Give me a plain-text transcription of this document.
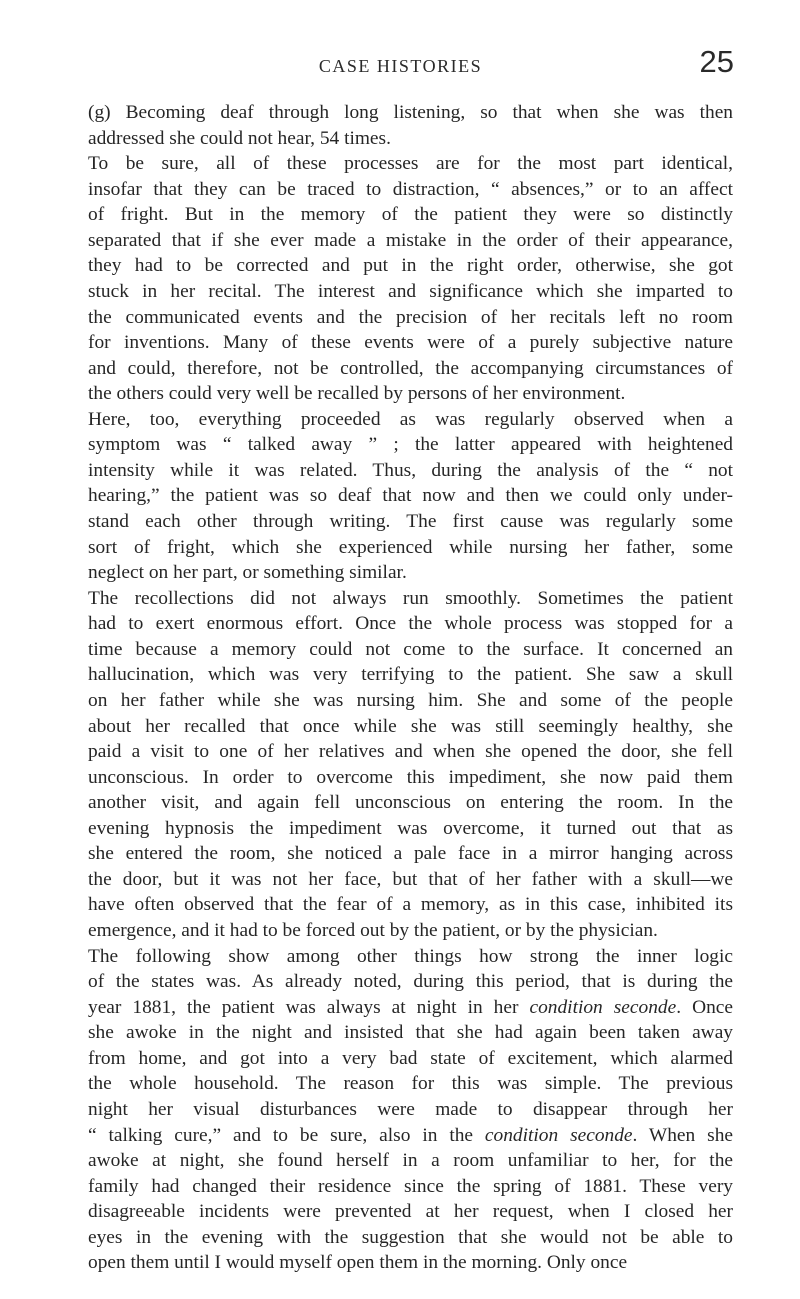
CASE HISTORIES	25

(g) Becoming deaf through long listening, so that when she was then
addressed she could not hear, 54 times.

To be sure, all of these processes are for the most part identical,
insofar that they can be traced to distraction, “ absences,” or to an affect
of fright. But in the memory of the patient they were so distinctly
separated that if she ever made a mistake in the order of their appearance,
they had to be corrected and put in the right order, otherwise, she got
stuck in her recital. The interest and significance which she imparted to
the communicated events and the precision of her recitals left no room
for inventions. Many of these events were of a purely subjective nature
and could, therefore, not be controlled, the accompanying circumstances of
the others could very well be recalled by persons of her environment.

Here, too, everything proceeded as was regularly observed when a
symptom was “ talked away ” ; the latter appeared with heightened
intensity while it was related. Thus, during the analysis of the “ not
hearing,” the patient was so deaf that now and then we could only under-
stand each other through writing. The first cause was regularly some
sort of fright, which she experienced while nursing her father, some
neglect on her part, or something similar.

The recollections did not always run smoothly. Sometimes the patient
had to exert enormous effort. Once the whole process was stopped for a
time because a memory could not come to the surface. It concerned an
hallucination, which was very terrifying to the patient. She saw a skull
on her father while she was nursing him. She and some of the people
about her recalled that once while she was still seemingly healthy, she
paid a visit to one of her relatives and when she opened the door, she fell
unconscious. In order to overcome this impediment, she now paid them
another visit, and again fell unconscious on entering the room. In the
evening hypnosis the impediment was overcome, it turned out that as
she entered the room, she noticed a pale face in a mirror hanging across
the door, but it was not her face, but that of her father with a skull—we
have often observed that the fear of a memory, as in this case, inhibited its
emergence, and it had to be forced out by the patient, or by the physician.

The following show among other things how strong the inner logic
of the states was. As already noted, during this period, that is during the
year 1881, the patient was always at night in her condition seconde. Once
she awoke in the night and insisted that she had again been taken away
from home, and got into a very bad state of excitement, which alarmed
the whole household. The reason for this was simple. The previous
night her visual disturbances were made to disappear through her
“ talking cure,” and to be sure, also in the condition seconde. When she
awoke at night, she found herself in a room unfamiliar to her, for the
family had changed their residence since the spring of 1881. These very
disagreeable incidents were prevented at her request, when I closed her
eyes in the evening with the suggestion that she would not be able to
open them until I would myself open them in the morning. Only once
